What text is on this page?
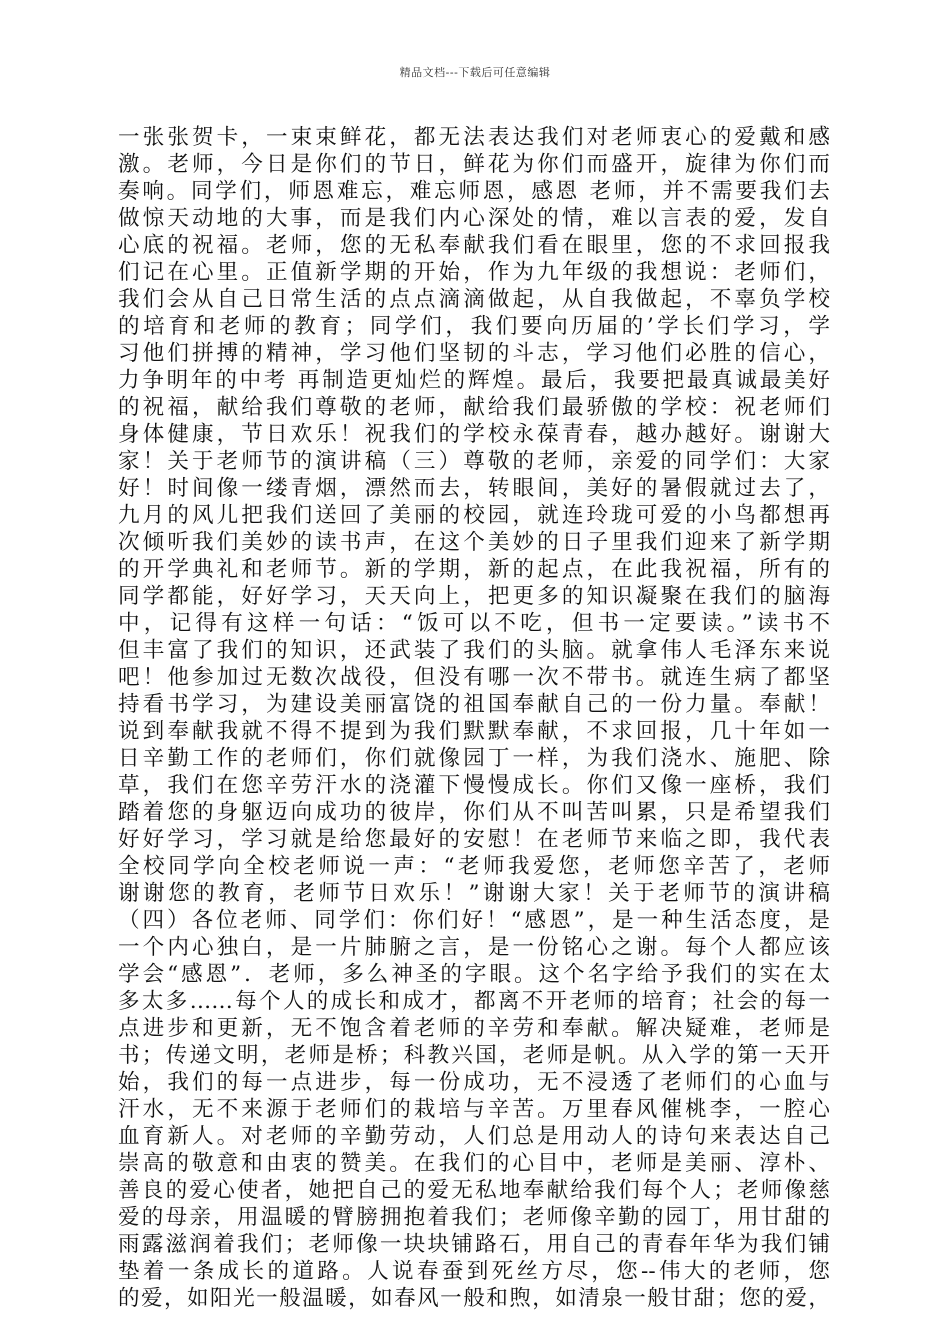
精品文档---下载后可任意编辑
一张张贺卡，一束束鲜花，都无法表达我们对老师衷心的爱戴和感
激。老师，今日是你们的节日，鲜花为你们而盛开，旋律为你们而
奏响。同学们，师恩难忘，难忘师恩，感恩 老师，并不需要我们去
做惊天动地的大事，而是我们内心深处的情，难以言表的爱，发自
心底的祝福。老师，您的无私奉献我们看在眼里，您的不求回报我
们记在心里。正值新学期的开始，作为九年级的我想说：老师们，
我们会从自己日常生活的点点滴滴做起，从自我做起，不辜负学校
的培育和老师的教育；同学们，我们要向历届的’学长们学习，学
习他们拼搏的精神，学习他们坚韧的斗志，学习他们必胜的信心，
力争明年的中考 再制造更灿烂的辉煌。最后，我要把最真诚最美好
的祝福，献给我们尊敬的老师，献给我们最骄傲的学校：祝老师们
身体健康，节日欢乐！祝我们的学校永葆青春，越办越好。谢谢大
家！关于老师节的演讲稿（三）尊敬的老师，亲爱的同学们：大家
好！时间像一缕青烟，漂然而去，转眼间，美好的暑假就过去了，
九月的风儿把我们送回了美丽的校园，就连玲珑可爱的小鸟都想再
次倾听我们美妙的读书声，在这个美妙的日子里我们迎来了新学期
的开学典礼和老师节。新的学期，新的起点，在此我祝福，所有的
同学都能，好好学习，天天向上，把更多的知识凝聚在我们的脑海
中，记得有这样一句话：“饭可以不吃，但书一定要读。”读书不
但丰富了我们的知识，还武装了我们的头脑。就拿伟人毛泽东来说
吧！他参加过无数次战役，但没有哪一次不带书。就连生病了都坚
持看书学习，为建设美丽富饶的祖国奉献自己的一份力量。奉献！
说到奉献我就不得不提到为我们默默奉献，不求回报，几十年如一
日辛勤工作的老师们，你们就像园丁一样，为我们浇水、施肥、除
草，我们在您辛劳汗水的浇灌下慢慢成长。你们又像一座桥，我们
踏着您的身躯迈向成功的彼岸，你们从不叫苦叫累，只是希望我们
好好学习，学习就是给您最好的安慰！在老师节来临之即，我代表
全校同学向全校老师说一声：“老师我爱您，老师您辛苦了，老师
谢谢您的教育，老师节日欢乐！”谢谢大家！关于老师节的演讲稿
（四）各位老师、同学们：你们好！“感恩”，是一种生活态度，是
一个内心独白，是一片肺腑之言，是一份铭心之谢。每个人都应该
学会“感恩”．老师，多么神圣的字眼。这个名字给予我们的实在太
多太多……每个人的成长和成才，都离不开老师的培育；社会的每一
点进步和更新，无不饱含着老师的辛劳和奉献。解决疑难，老师是
书；传递文明，老师是桥；科教兴国，老师是帆。从入学的第一天开
始，我们的每一点进步，每一份成功，无不浸透了老师们的心血与
汗水，无不来源于老师们的栽培与辛苦。万里春风催桃李，一腔心
血育新人。对老师的辛勤劳动，人们总是用动人的诗句来表达自己
崇高的敬意和由衷的赞美。在我们的心目中，老师是美丽、淳朴、
善良的爱心使者，她把自己的爱无私地奉献给我们每个人；老师像慈
爱的母亲，用温暖的臂膀拥抱着我们；老师像辛勤的园丁，用甘甜的
雨露滋润着我们；老师像一块块铺路石，用自己的青春年华为我们铺
垫着一条成长的道路。人说春蚕到死丝方尽，您--伟大的老师，您
的爱，如阳光一般温暖，如春风一般和煦，如清泉一般甘甜；您的爱，
